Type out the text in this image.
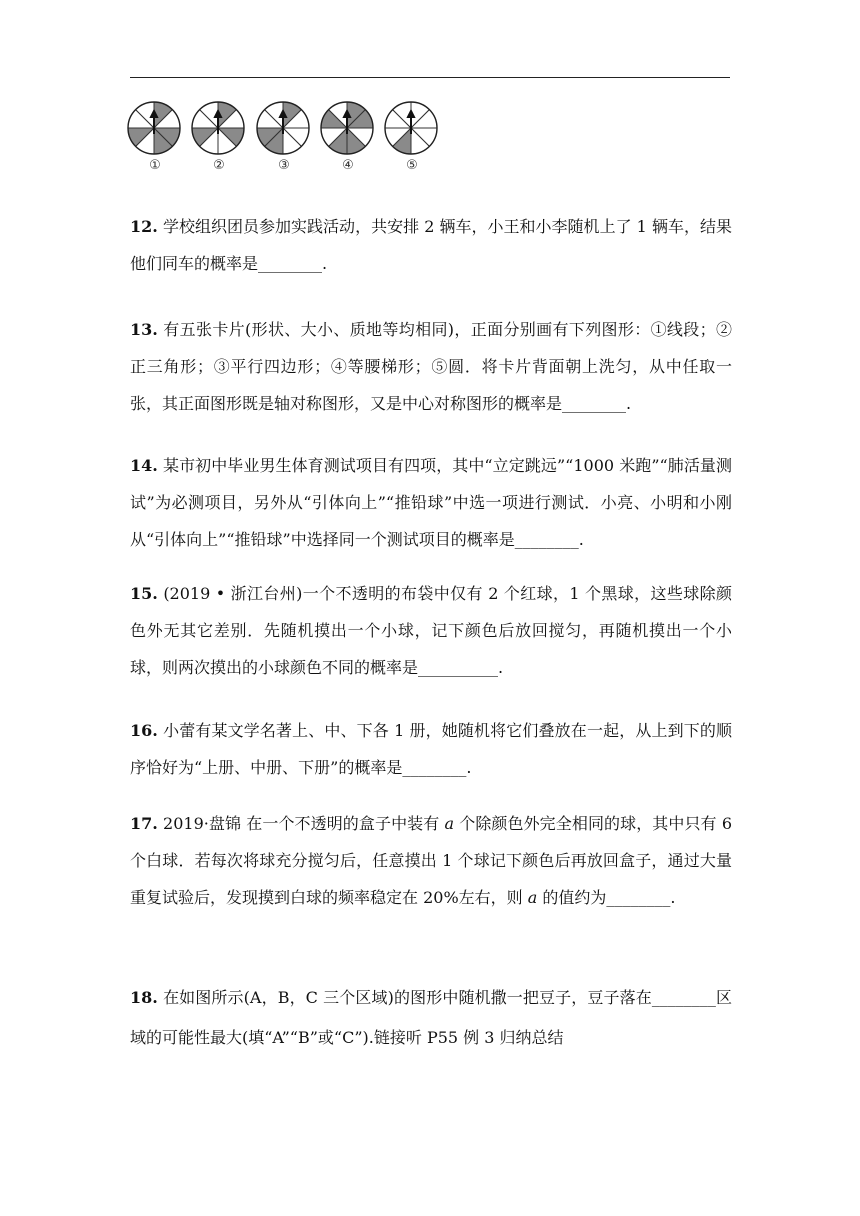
①	②	③	④	⑤
12. 学校组织团员参加实践活动，共安排 2 辆车，小王和小李随机上了 1 辆车，结果他们同车的概率是________.
13. 有五张卡片(形状、大小、质地等均相同)，正面分别画有下列图形：①线段；②正三角形；③平行四边形；④等腰梯形；⑤圆．将卡片背面朝上洗匀，从中任取一张，其正面图形既是轴对称图形，又是中心对称图形的概率是________.
14. 某市初中毕业男生体育测试项目有四项，其中“立定跳远”“1000 米跑”“肺活量测试”为必测项目，另外从“引体向上”“推铅球”中选一项进行测试．小亮、小明和小刚从“引体向上”“推铅球”中选择同一个测试项目的概率是________.
15. (2019 • 浙江台州)一个不透明的布袋中仅有 2 个红球，1 个黑球，这些球除颜色外无其它差别．先随机摸出一个小球，记下颜色后放回搅匀，再随机摸出一个小球，则两次摸出的小球颜色不同的概率是__________.
16. 小蕾有某文学名著上、中、下各 1 册，她随机将它们叠放在一起，从上到下的顺序恰好为“上册、中册、下册”的概率是________.
17. 2019·盘锦 在一个不透明的盒子中装有 a 个除颜色外完全相同的球，其中只有 6 个白球．若每次将球充分搅匀后，任意摸出 1 个球记下颜色后再放回盒子，通过大量重复试验后，发现摸到白球的频率稳定在 20%左右，则 a 的值约为________.
18. 在如图所示(A，B，C 三个区域)的图形中随机撒一把豆子，豆子落在________区域的可能性最大(填“A”“B”或“C”).链接听 P55 例 3 归纳总结
